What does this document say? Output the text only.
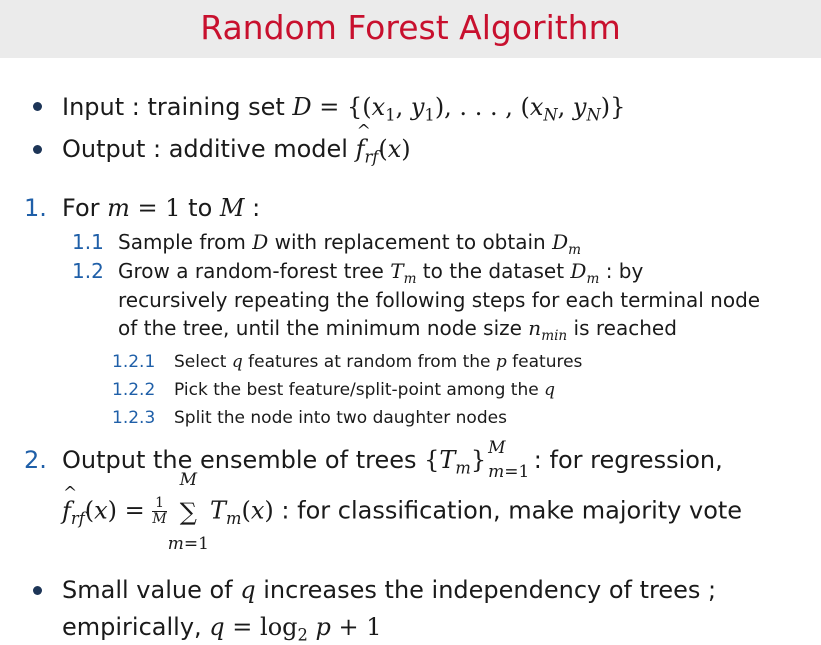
Random Forest Algorithm
Input : training set $D = \{(x_1$, $y_1$), . . . , ($x_N$, $y_N$)}
Output : additive model ^ $f_{rf}(x)$
1. For m = 1 to M :
1.1 Sample from D with replacement to obtain $D_m$
1.2 Grow a random-forest tree $T_m$ to the dataset $D_m$ : by
recursively repeating the following steps for each terminal node
of the tree, until the minimum node size $n_{min}$ is reached
1.2.1 Select q features at random from the p features
1.2.2 Pick the best feature/split-point among the q
1.2.3 Split the node into two daughter nodes
2. Output the ensemble of trees $\{T_m\}$ M
m=1
: for regression,
^ $f_{rf}(x) = \frac{1}{M}$

M
∑
m=1
$T_m(x)$ : for classification, make majority vote
Small value of q increases the independency of trees ;
empirically, $q = \log_2 p + 1$
